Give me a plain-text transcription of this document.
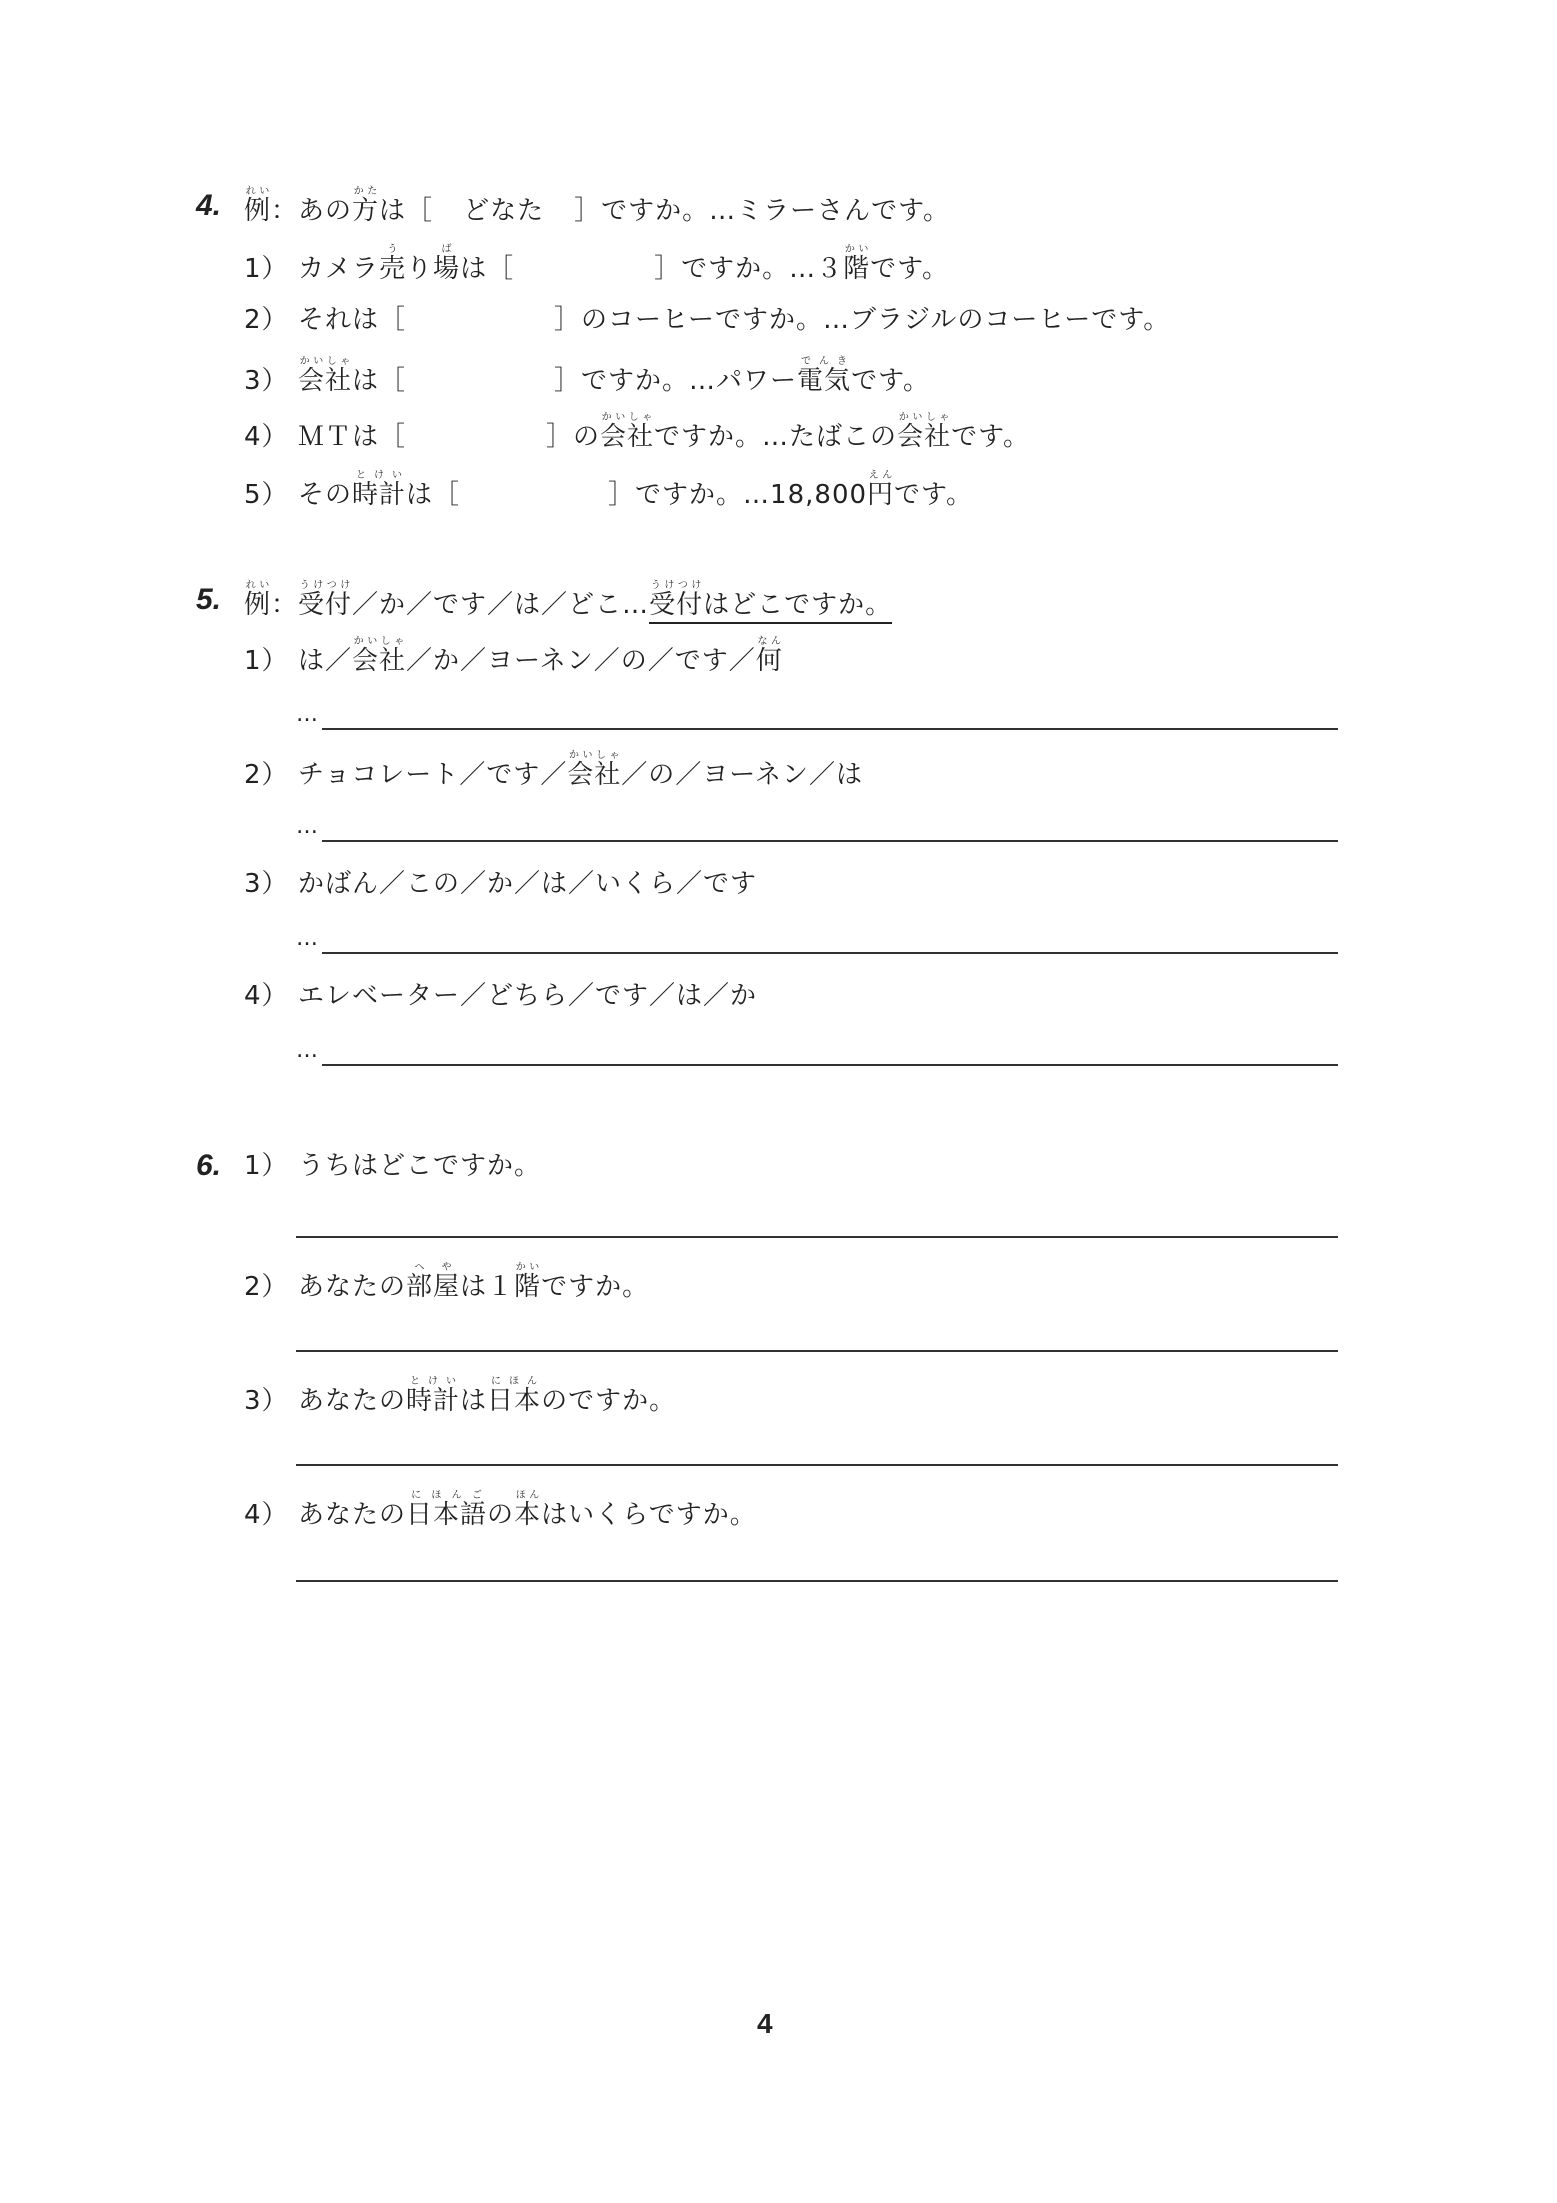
4. 例れい：あの方かたは［ どなた ］ですか。…ミラーさんです。
1） カメラ売うり場ばは［	］ですか。…３階かいです。
2） それは［	］のコーヒーですか。…ブラジルのコーヒーです。
3） 会社かいしゃは［	］ですか。…パワー電気でんきです。
4） ＭＴは［	］の会社かいしゃですか。…たばこの会社かいしゃです。
5） その時計とけいは［	］ですか。…18,800円えんです。
5. 例れい：受付うけつけ／か／です／は／どこ…受付うけつけはどこですか。
1） は／会社かいしゃ／か／ヨーネン／の／です／何なん
…
2） チョコレート／です／会社かいしゃ／の／ヨーネン／は
…
3） かばん／この／か／は／いくら／です
…
4） エレベーター／どちら／です／は／か
…
6. 1） うちはどこですか。
2） あなたの部屋へやは１階かいですか。
3） あなたの時計とけいは日本にほんのですか。
4） あなたの日本語にほんごの本ほんはいくらですか。
4
